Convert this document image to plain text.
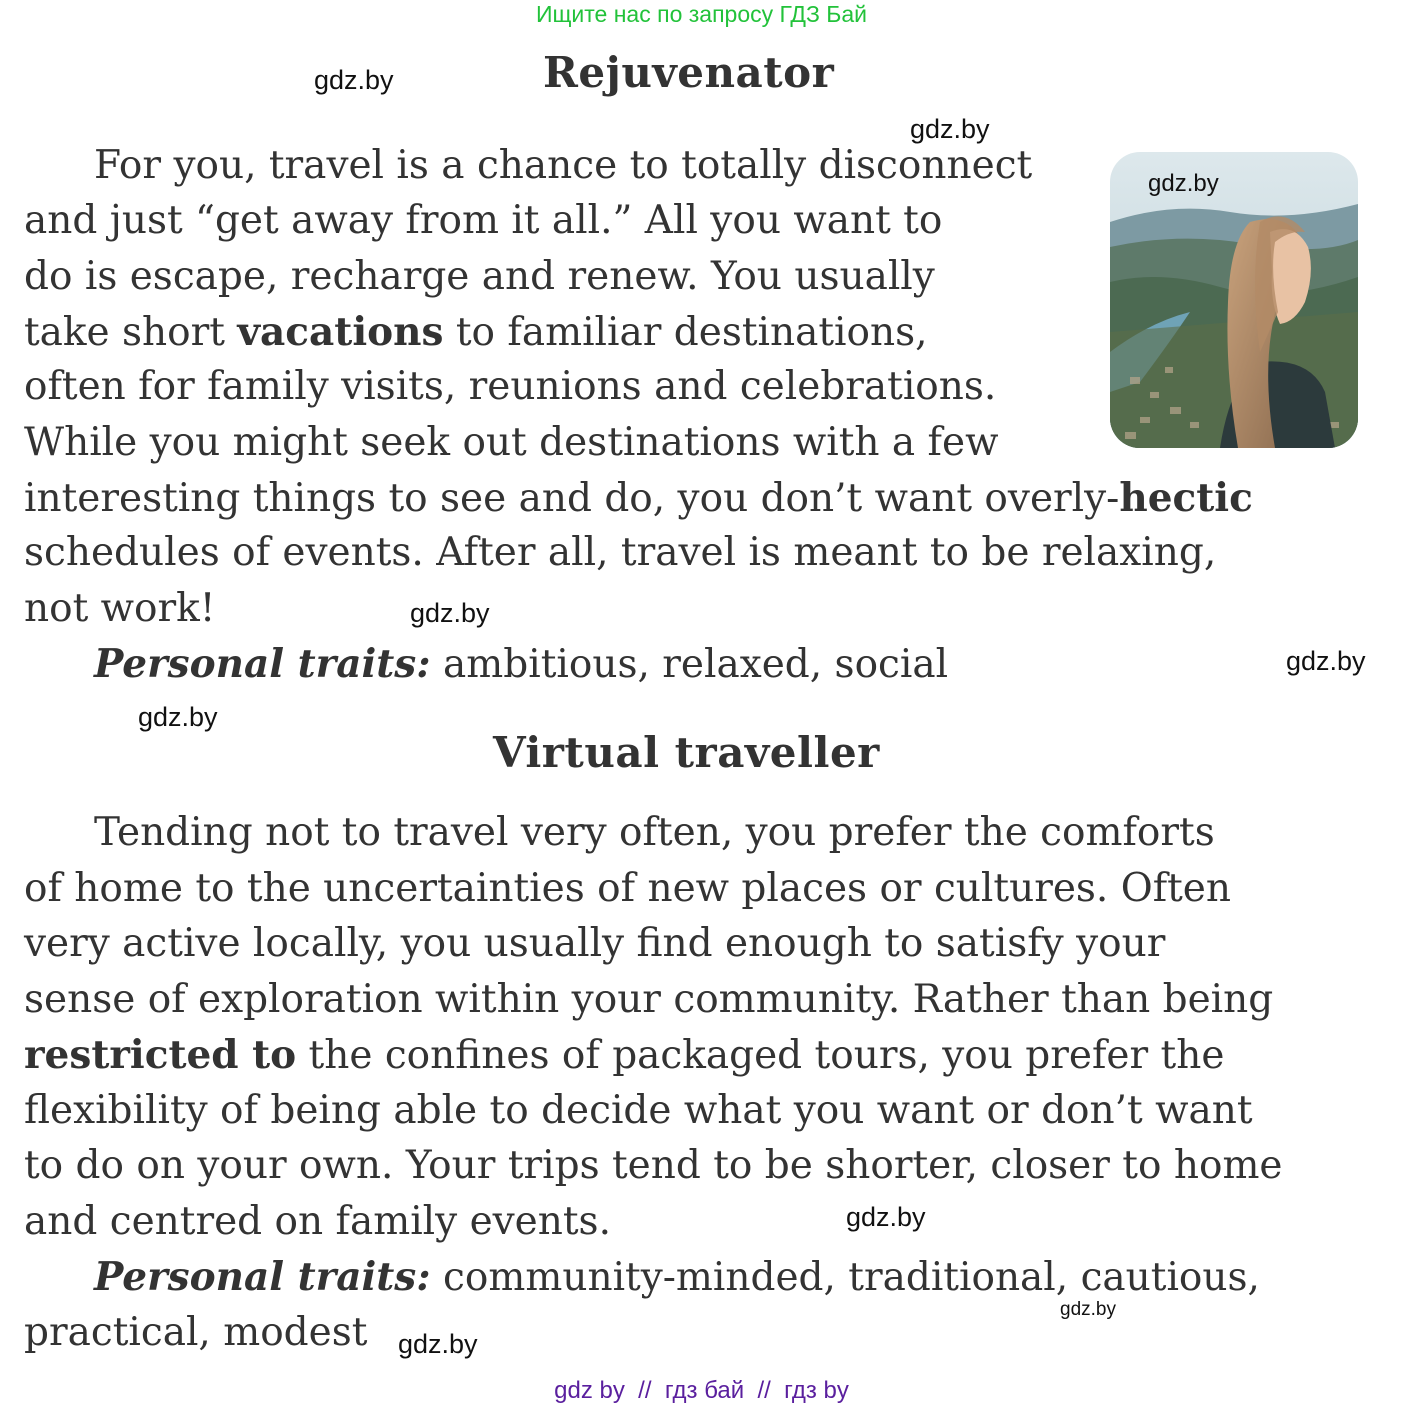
Ищите нас по запросу ГДЗ Бай
Rejuvenator
gdz.by
For you, travel is a chance to totally disconnect
and just “get away from it all.” All you want to
do is escape, recharge and renew. You usually
take short vacations to familiar destinations,
often for family visits, reunions and celebrations.
While you might seek out destinations with a few
interesting things to see and do, you don’t want overly-hectic
schedules of events. After all, travel is meant to be relaxing,
not work!
Personal traits: ambitious, relaxed, social
Virtual traveller
Tending not to travel very often, you prefer the comforts
of home to the uncertainties of new places or cultures. Often
very active locally, you usually find enough to satisfy your
sense of exploration within your community. Rather than being
restricted to the confines of packaged tours, you prefer the
flexibility of being able to decide what you want or don’t want
to do on your own. Your trips tend to be shorter, closer to home
and centred on family events.
Personal traits: community-minded, traditional, cautious,
practical, modest
gdz.by
gdz.by
gdz.by
gdz.by
gdz.by
gdz.by
gdz.by
gdz.by
gdz by  //  гдз бай  //  гдз by
